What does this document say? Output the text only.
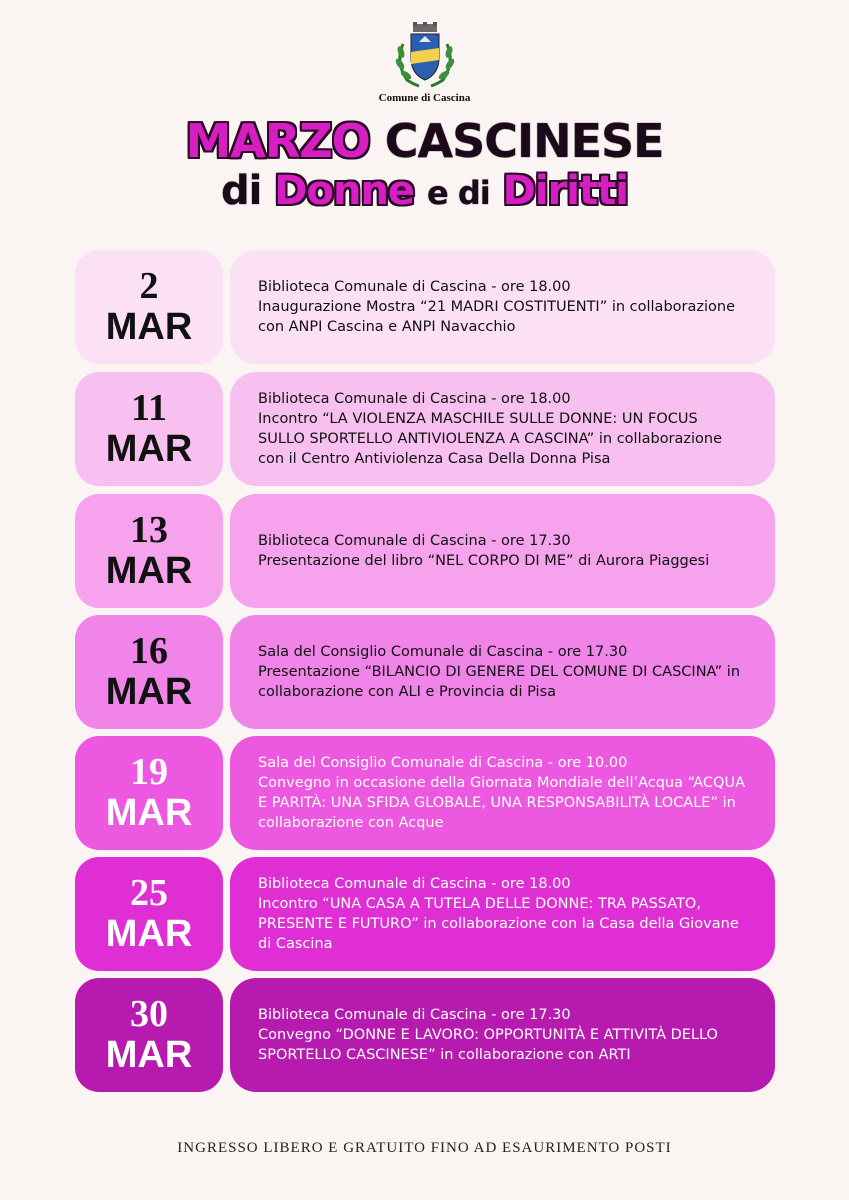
Comune di Cascina
MARZO CASCINESE
di Donne e di Diritti
2
MAR
Biblioteca Comunale di Cascina - ore 18.00
Inaugurazione Mostra “21 MADRI COSTITUENTI” in collaborazione con ANPI Cascina e ANPI Navacchio
11
MAR
Biblioteca Comunale di Cascina - ore 18.00
Incontro “LA VIOLENZA MASCHILE SULLE DONNE: UN FOCUS SULLO SPORTELLO ANTIVIOLENZA A CASCINA” in collaborazione con il Centro Antiviolenza Casa Della Donna Pisa
13
MAR
Biblioteca Comunale di Cascina - ore 17.30
Presentazione del libro “NEL CORPO DI ME” di Aurora Piaggesi
16
MAR
Sala del Consiglio Comunale di Cascina - ore 17.30
Presentazione “BILANCIO DI GENERE DEL COMUNE DI CASCINA” in collaborazione con ALI e Provincia di Pisa
19
MAR
Sala del Consiglio Comunale di Cascina - ore 10.00
Convegno in occasione della Giornata Mondiale dell’Acqua “ACQUA E PARITÀ: UNA SFIDA GLOBALE, UNA RESPONSABILITÀ LOCALE” in collaborazione con Acque
25
MAR
Biblioteca Comunale di Cascina - ore 18.00
Incontro “UNA CASA A TUTELA DELLE DONNE: TRA PASSATO, PRESENTE E FUTURO” in collaborazione con la Casa della Giovane di Cascina
30
MAR
Biblioteca Comunale di Cascina - ore 17.30
Convegno “DONNE E LAVORO: OPPORTUNITÀ E ATTIVITÀ DELLO SPORTELLO CASCINESE” in collaborazione con ARTI
INGRESSO LIBERO E GRATUITO FINO AD ESAURIMENTO POSTI
